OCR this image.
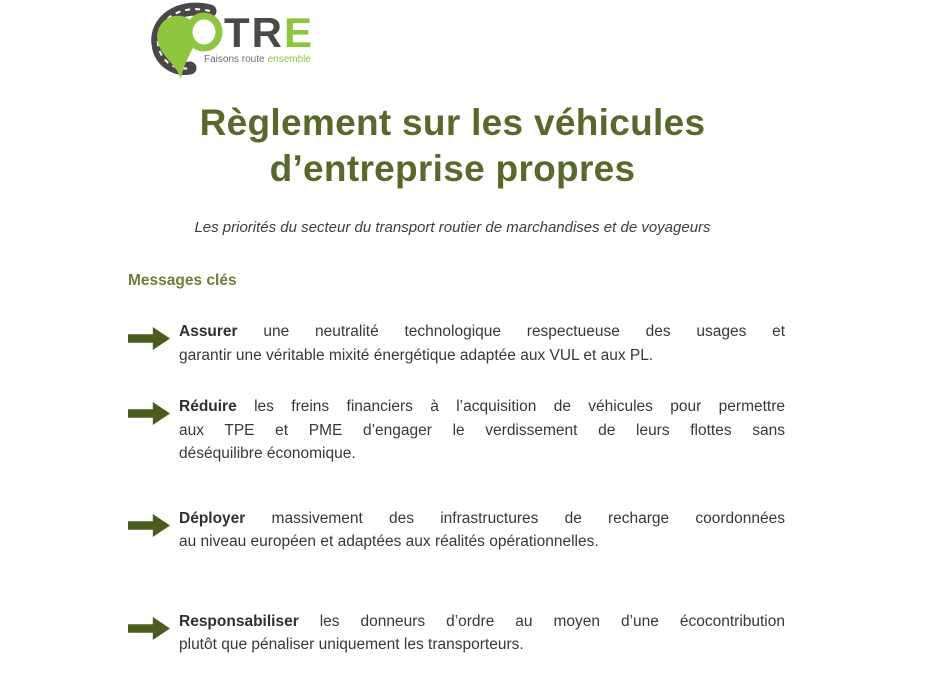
TRE
Faisons route ensemble
Règlement sur les véhicules
d’entreprise propres
Les priorités du secteur du transport routier de marchandises et de voyageurs
Messages clés
Assurer une neutralité technologique respectueuse des usages et
garantir une véritable mixité énergétique adaptée aux VUL et aux PL.
Réduire les freins financiers à l’acquisition de véhicules pour permettre
aux TPE et PME d’engager le verdissement de leurs flottes sans
déséquilibre économique.
Déployer massivement des infrastructures de recharge coordonnées
au niveau européen et adaptées aux réalités opérationnelles.
Responsabiliser les donneurs d’ordre au moyen d’une écocontribution
plutôt que pénaliser uniquement les transporteurs.
